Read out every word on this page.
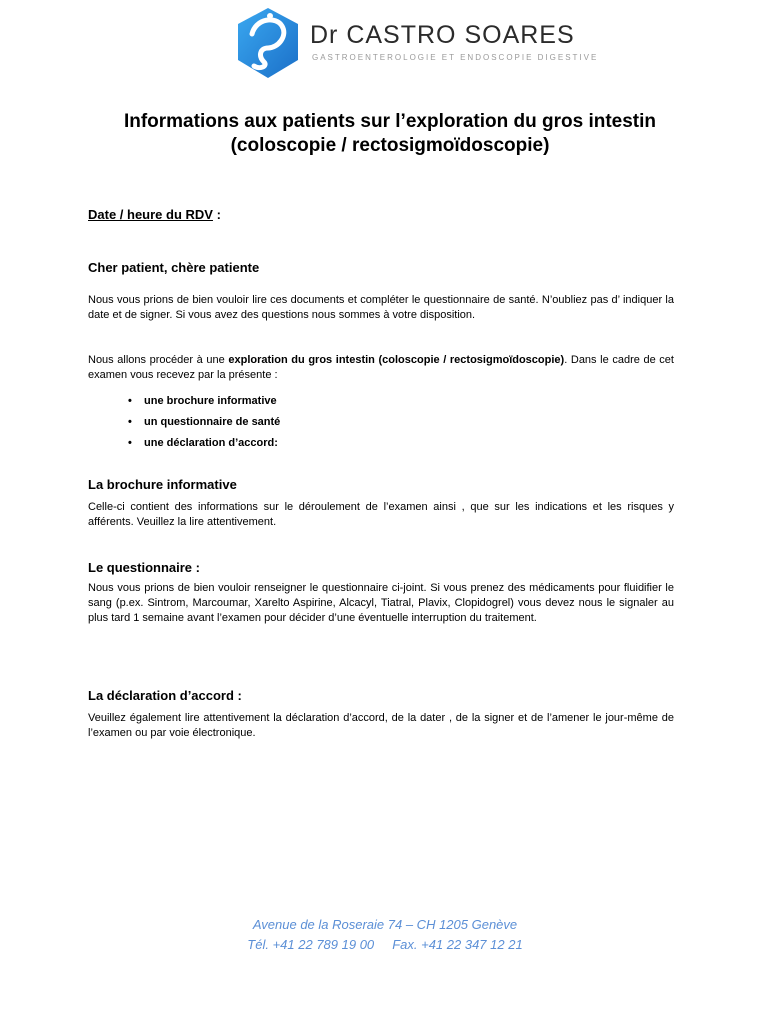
Dr CASTRO SOARES
GASTROENTEROLOGIE ET ENDOSCOPIE DIGESTIVE
Informations aux patients sur l’exploration du gros intestin
(coloscopie / rectosigmoïdoscopie)
Date / heure du RDV :
Cher patient, chère patiente

Nous vous prions de bien vouloir lire ces documents et compléter le questionnaire de santé. N’oubliez pas d’ indiquer la date et de signer. Si vous avez des questions nous sommes à votre disposition.

Nous allons procéder à une exploration du gros intestin (coloscopie / rectosigmoïdoscopie). Dans le cadre de cet examen vous recevez par la présente :

• une brochure informative
• un questionnaire de santé
• une déclaration d’accord:
La brochure informative

Celle-ci contient des informations sur le déroulement de l’examen ainsi , que sur les indications et les risques y afférents. Veuillez la lire attentivement.

Le questionnaire :

Nous vous prions de bien vouloir renseigner le questionnaire ci-joint. Si vous prenez des médicaments pour fluidifier le sang (p.ex. Sintrom, Marcoumar, Xarelto Aspirine, Alcacyl, Tiatral, Plavix, Clopidogrel) vous devez nous le signaler au plus tard 1 semaine avant l’examen pour décider d’une éventuelle interruption du traitement.

La déclaration d’accord :

Veuillez également lire attentivement la déclaration d’accord, de la dater , de la signer et de l’amener le jour-même de l’examen ou par voie électronique.

Avenue de la Roseraie 74 – CH 1205 Genève
Tél. +41 22 789 19 00 Fax. +41 22 347 12 21
